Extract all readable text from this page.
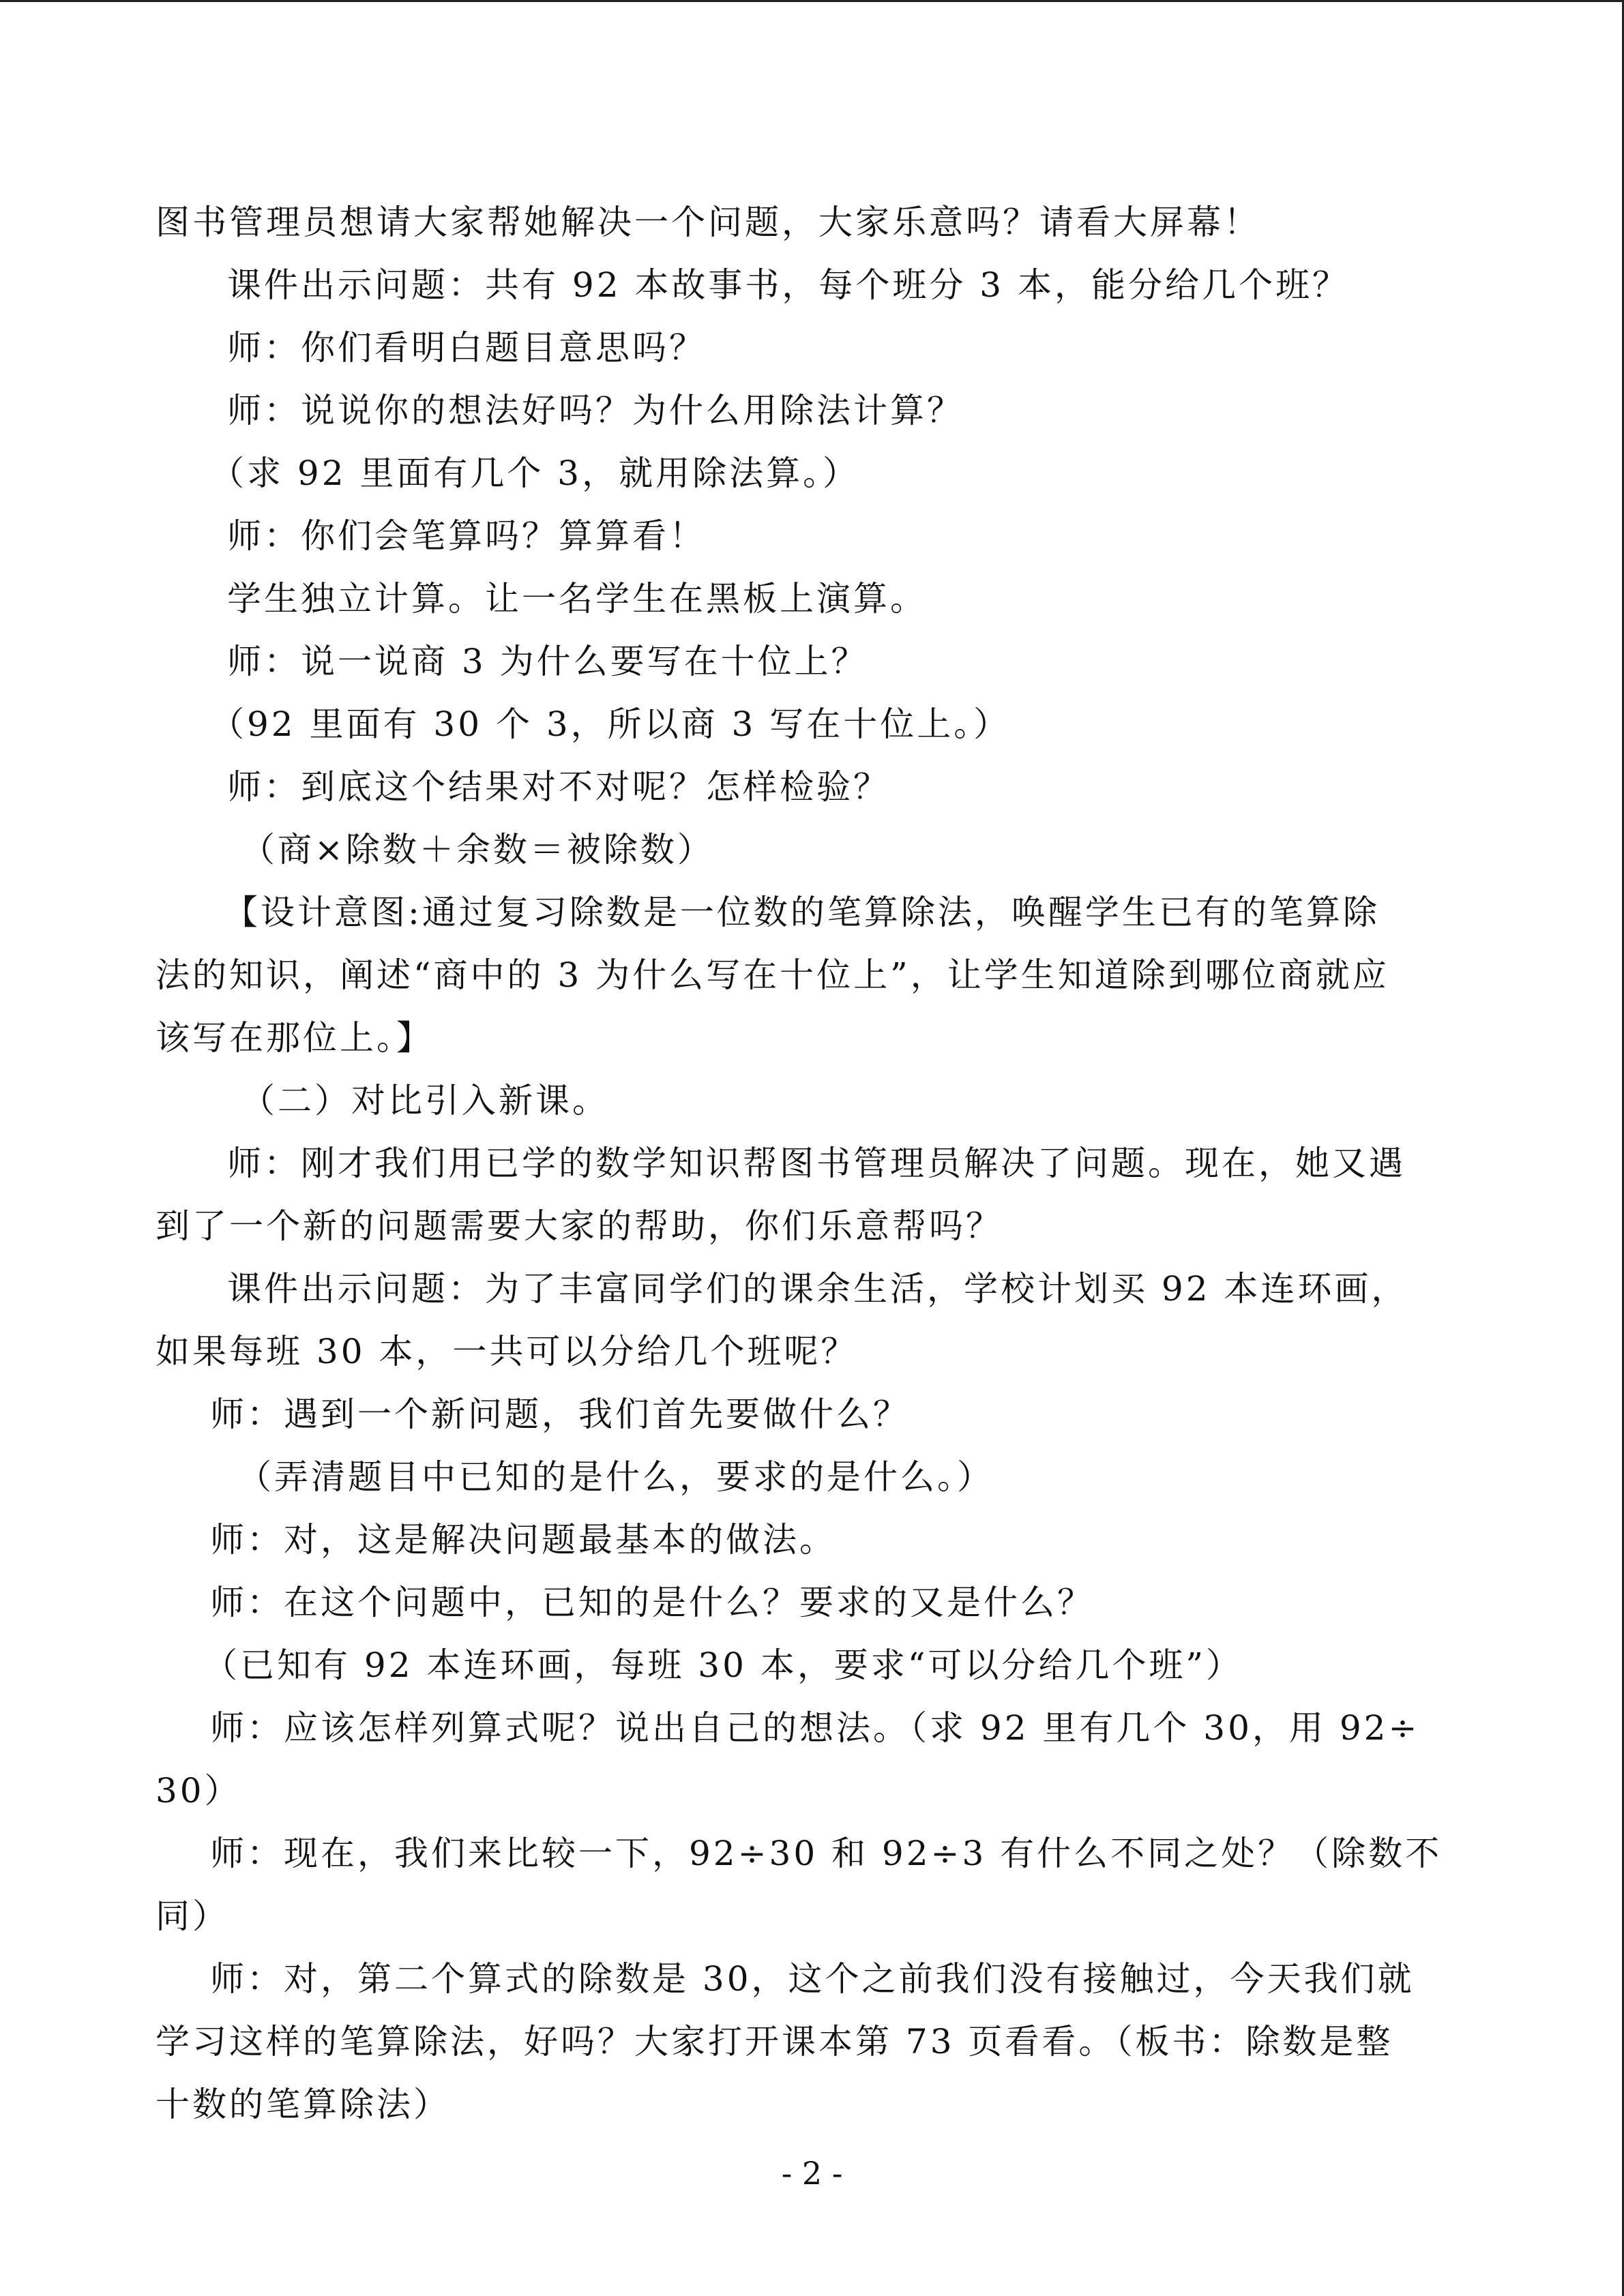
图书管理员想请大家帮她解决一个问题，大家乐意吗？请看大屏幕！
课件出示问题：共有 92 本故事书，每个班分 3 本，能分给几个班？
师：你们看明白题目意思吗？
师：说说你的想法好吗？为什么用除法计算？
（求 92 里面有几个 3，就用除法算。）
师：你们会笔算吗？算算看！
学生独立计算。让一名学生在黑板上演算。
师：说一说商 3 为什么要写在十位上？
（92 里面有 30 个 3，所以商 3 写在十位上。）
师：到底这个结果对不对呢？怎样检验？
（商×除数＋余数＝被除数）
【设计意图:通过复习除数是一位数的笔算除法，唤醒学生已有的笔算除
法的知识，阐述“商中的 3 为什么写在十位上”，让学生知道除到哪位商就应
该写在那位上。】
（二）对比引入新课。
师：刚才我们用已学的数学知识帮图书管理员解决了问题。现在，她又遇
到了一个新的问题需要大家的帮助，你们乐意帮吗？
课件出示问题：为了丰富同学们的课余生活，学校计划买 92 本连环画，
如果每班 30 本，一共可以分给几个班呢？
师：遇到一个新问题，我们首先要做什么？
（弄清题目中已知的是什么，要求的是什么。）
师：对，这是解决问题最基本的做法。
师：在这个问题中，已知的是什么？要求的又是什么？
（已知有 92 本连环画，每班 30 本，要求“可以分给几个班”）
师：应该怎样列算式呢？说出自己的想法。（求 92 里有几个 30，用 92÷
30）
师：现在，我们来比较一下，92÷30 和 92÷3 有什么不同之处？（除数不
同）
师：对，第二个算式的除数是 30，这个之前我们没有接触过，今天我们就
学习这样的笔算除法，好吗？大家打开课本第 73 页看看。（板书：除数是整
十数的笔算除法）
- 2 -
